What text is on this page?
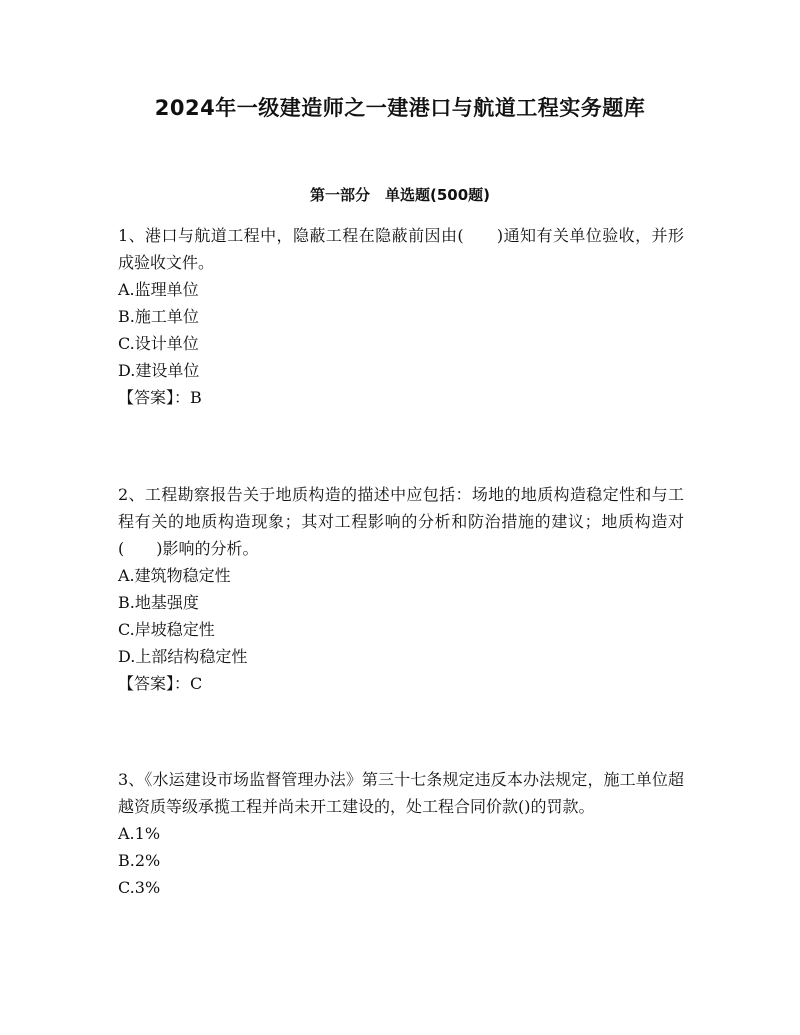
2024年一级建造师之一建港口与航道工程实务题库
第一部分　单选题(500题)

1、港口与航道工程中，隐蔽工程在隐蔽前因由(　　)通知有关单位验收，并形成验收文件。

A.监理单位

B.施工单位

C.设计单位

D.建设单位

【答案】：B

2、工程勘察报告关于地质构造的描述中应包括：场地的地质构造稳定性和与工程有关的地质构造现象；其对工程影响的分析和防治措施的建议；地质构造对(　　)影响的分析。

A.建筑物稳定性

B.地基强度

C.岸坡稳定性

D.上部结构稳定性

【答案】：C

3、《水运建设市场监督管理办法》第三十七条规定违反本办法规定，施工单位超越资质等级承揽工程并尚未开工建设的，处工程合同价款()的罚款。

A.1%

B.2%

C.3%
